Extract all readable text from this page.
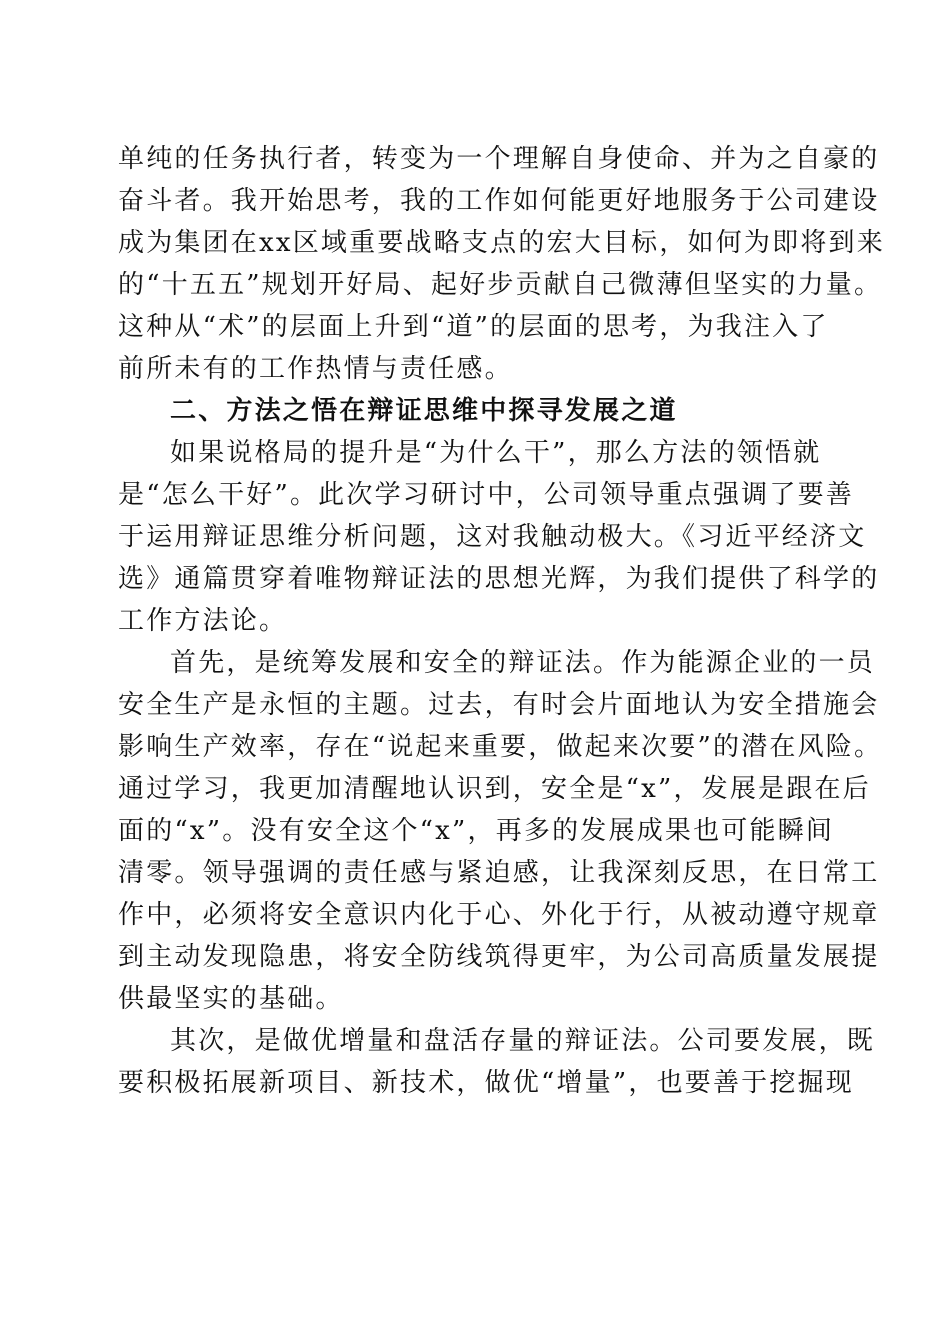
单纯的任务执行者，转变为一个理解自身使命、并为之自豪的
奋斗者。我开始思考，我的工作如何能更好地服务于公司建设
成为集团在xx区域重要战略支点的宏大目标，如何为即将到来
的“十五五”规划开好局、起好步贡献自己微薄但坚实的力量。
这种从“术”的层面上升到“道”的层面的思考，为我注入了
前所未有的工作热情与责任感。
二、方法之悟在辩证思维中探寻发展之道
如果说格局的提升是“为什么干”，那么方法的领悟就
是“怎么干好”。此次学习研讨中，公司领导重点强调了要善
于运用辩证思维分析问题，这对我触动极大。《习近平经济文
选》通篇贯穿着唯物辩证法的思想光辉，为我们提供了科学的
工作方法论。
首先，是统筹发展和安全的辩证法。作为能源企业的一员
安全生产是永恒的主题。过去，有时会片面地认为安全措施会
影响生产效率，存在“说起来重要，做起来次要”的潜在风险。
通过学习，我更加清醒地认识到，安全是“x”，发展是跟在后
面的“x”。没有安全这个“x”，再多的发展成果也可能瞬间
清零。领导强调的责任感与紧迫感，让我深刻反思，在日常工
作中，必须将安全意识内化于心、外化于行，从被动遵守规章
到主动发现隐患，将安全防线筑得更牢，为公司高质量发展提
供最坚实的基础。
其次，是做优增量和盘活存量的辩证法。公司要发展，既
要积极拓展新项目、新技术，做优“增量”，也要善于挖掘现
